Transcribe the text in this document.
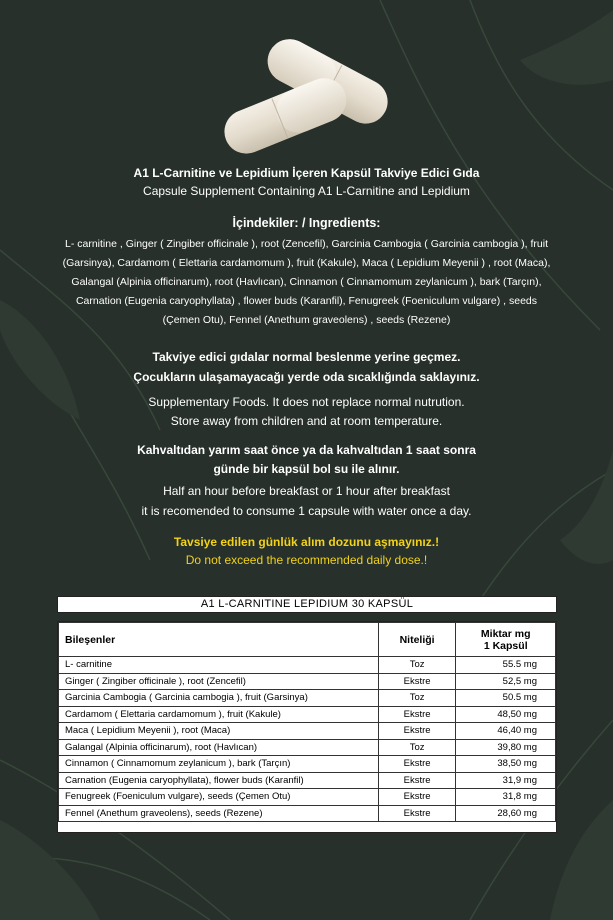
A1 L-Carnitine ve Lepidium İçeren Kapsül Takviye Edici Gıda
Capsule Supplement Containing A1 L-Carnitine and Lepidium
İçindekiler: / Ingredients:
L- carnitine , Ginger ( Zingiber officinale ), root (Zencefil), Garcinia Cambogia ( Garcinia cambogia ), fruit
(Garsinya), Cardamom ( Elettaria cardamomum ), fruit (Kakule), Maca ( Lepidium Meyenii ) , root (Maca),
Galangal (Alpinia officinarum), root (Havlıcan), Cinnamon ( Cinnamomum zeylanicum ), bark (Tarçın),
Carnation (Eugenia caryophyllata) , flower buds (Karanfil), Fenugreek (Foeniculum vulgare) , seeds
(Çemen Otu), Fennel (Anethum graveolens) , seeds (Rezene)
Takviye edici gıdalar normal beslenme yerine geçmez.
Çocukların ulaşamayacağı yerde oda sıcaklığında saklayınız.
Supplementary Foods. It does not replace normal nutrution.
Store away from children and at room temperature.
Kahvaltıdan yarım saat önce ya da kahvaltıdan 1 saat sonra
günde bir kapsül bol su ile alınır.
Half an hour before breakfast or 1 hour after breakfast
it is recomended to consume 1 capsule with water once a day.
Tavsiye edilen günlük alım dozunu aşmayınız.!
Do not exceed the recommended daily dose.!
A1 L-CARNITINE LEPIDIUM 30 KAPSÜL
Bileşenler	Niteliği	Miktar mg
1 Kapsül

L- carnitine	Toz	55.5 mg
Ginger ( Zingiber officinale ), root (Zencefil)	Ekstre	52,5 mg
Garcinia Cambogia ( Garcinia cambogia ), fruit (Garsinya)	Toz	50.5 mg
Cardamom ( Elettaria cardamomum ), fruit (Kakule)	Ekstre	48,50 mg
Maca ( Lepidium Meyenii ), root (Maca)	Ekstre	46,40 mg
Galangal (Alpinia officinarum), root (Havlıcan)	Toz	39,80 mg
Cinnamon ( Cinnamomum zeylanicum ), bark (Tarçın)	Ekstre	38,50 mg
Carnation (Eugenia caryophyllata), flower buds (Karanfil)	Ekstre	31,9 mg
Fenugreek (Foeniculum vulgare), seeds (Çemen Otu)	Ekstre	31,8 mg
Fennel (Anethum graveolens), seeds (Rezene)	Ekstre	28,60 mg
